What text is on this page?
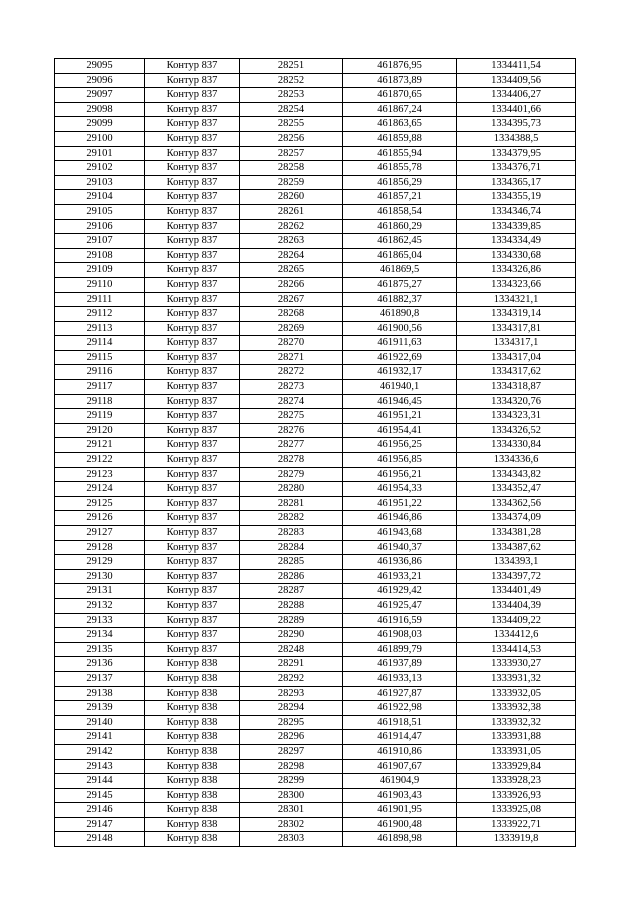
29095	Контур 837	28251	461876,95	1334411,54
29096	Контур 837	28252	461873,89	1334409,56
29097	Контур 837	28253	461870,65	1334406,27
29098	Контур 837	28254	461867,24	1334401,66
29099	Контур 837	28255	461863,65	1334395,73
29100	Контур 837	28256	461859,88	1334388,5
29101	Контур 837	28257	461855,94	1334379,95
29102	Контур 837	28258	461855,78	1334376,71
29103	Контур 837	28259	461856,29	1334365,17
29104	Контур 837	28260	461857,21	1334355,19
29105	Контур 837	28261	461858,54	1334346,74
29106	Контур 837	28262	461860,29	1334339,85
29107	Контур 837	28263	461862,45	1334334,49
29108	Контур 837	28264	461865,04	1334330,68
29109	Контур 837	28265	461869,5	1334326,86
29110	Контур 837	28266	461875,27	1334323,66
29111	Контур 837	28267	461882,37	1334321,1
29112	Контур 837	28268	461890,8	1334319,14
29113	Контур 837	28269	461900,56	1334317,81
29114	Контур 837	28270	461911,63	1334317,1
29115	Контур 837	28271	461922,69	1334317,04
29116	Контур 837	28272	461932,17	1334317,62
29117	Контур 837	28273	461940,1	1334318,87
29118	Контур 837	28274	461946,45	1334320,76
29119	Контур 837	28275	461951,21	1334323,31
29120	Контур 837	28276	461954,41	1334326,52
29121	Контур 837	28277	461956,25	1334330,84
29122	Контур 837	28278	461956,85	1334336,6
29123	Контур 837	28279	461956,21	1334343,82
29124	Контур 837	28280	461954,33	1334352,47
29125	Контур 837	28281	461951,22	1334362,56
29126	Контур 837	28282	461946,86	1334374,09
29127	Контур 837	28283	461943,68	1334381,28
29128	Контур 837	28284	461940,37	1334387,62
29129	Контур 837	28285	461936,86	1334393,1
29130	Контур 837	28286	461933,21	1334397,72
29131	Контур 837	28287	461929,42	1334401,49
29132	Контур 837	28288	461925,47	1334404,39
29133	Контур 837	28289	461916,59	1334409,22
29134	Контур 837	28290	461908,03	1334412,6
29135	Контур 837	28248	461899,79	1334414,53
29136	Контур 838	28291	461937,89	1333930,27
29137	Контур 838	28292	461933,13	1333931,32
29138	Контур 838	28293	461927,87	1333932,05
29139	Контур 838	28294	461922,98	1333932,38
29140	Контур 838	28295	461918,51	1333932,32
29141	Контур 838	28296	461914,47	1333931,88
29142	Контур 838	28297	461910,86	1333931,05
29143	Контур 838	28298	461907,67	1333929,84
29144	Контур 838	28299	461904,9	1333928,23
29145	Контур 838	28300	461903,43	1333926,93
29146	Контур 838	28301	461901,95	1333925,08
29147	Контур 838	28302	461900,48	1333922,71
29148	Контур 838	28303	461898,98	1333919,8
